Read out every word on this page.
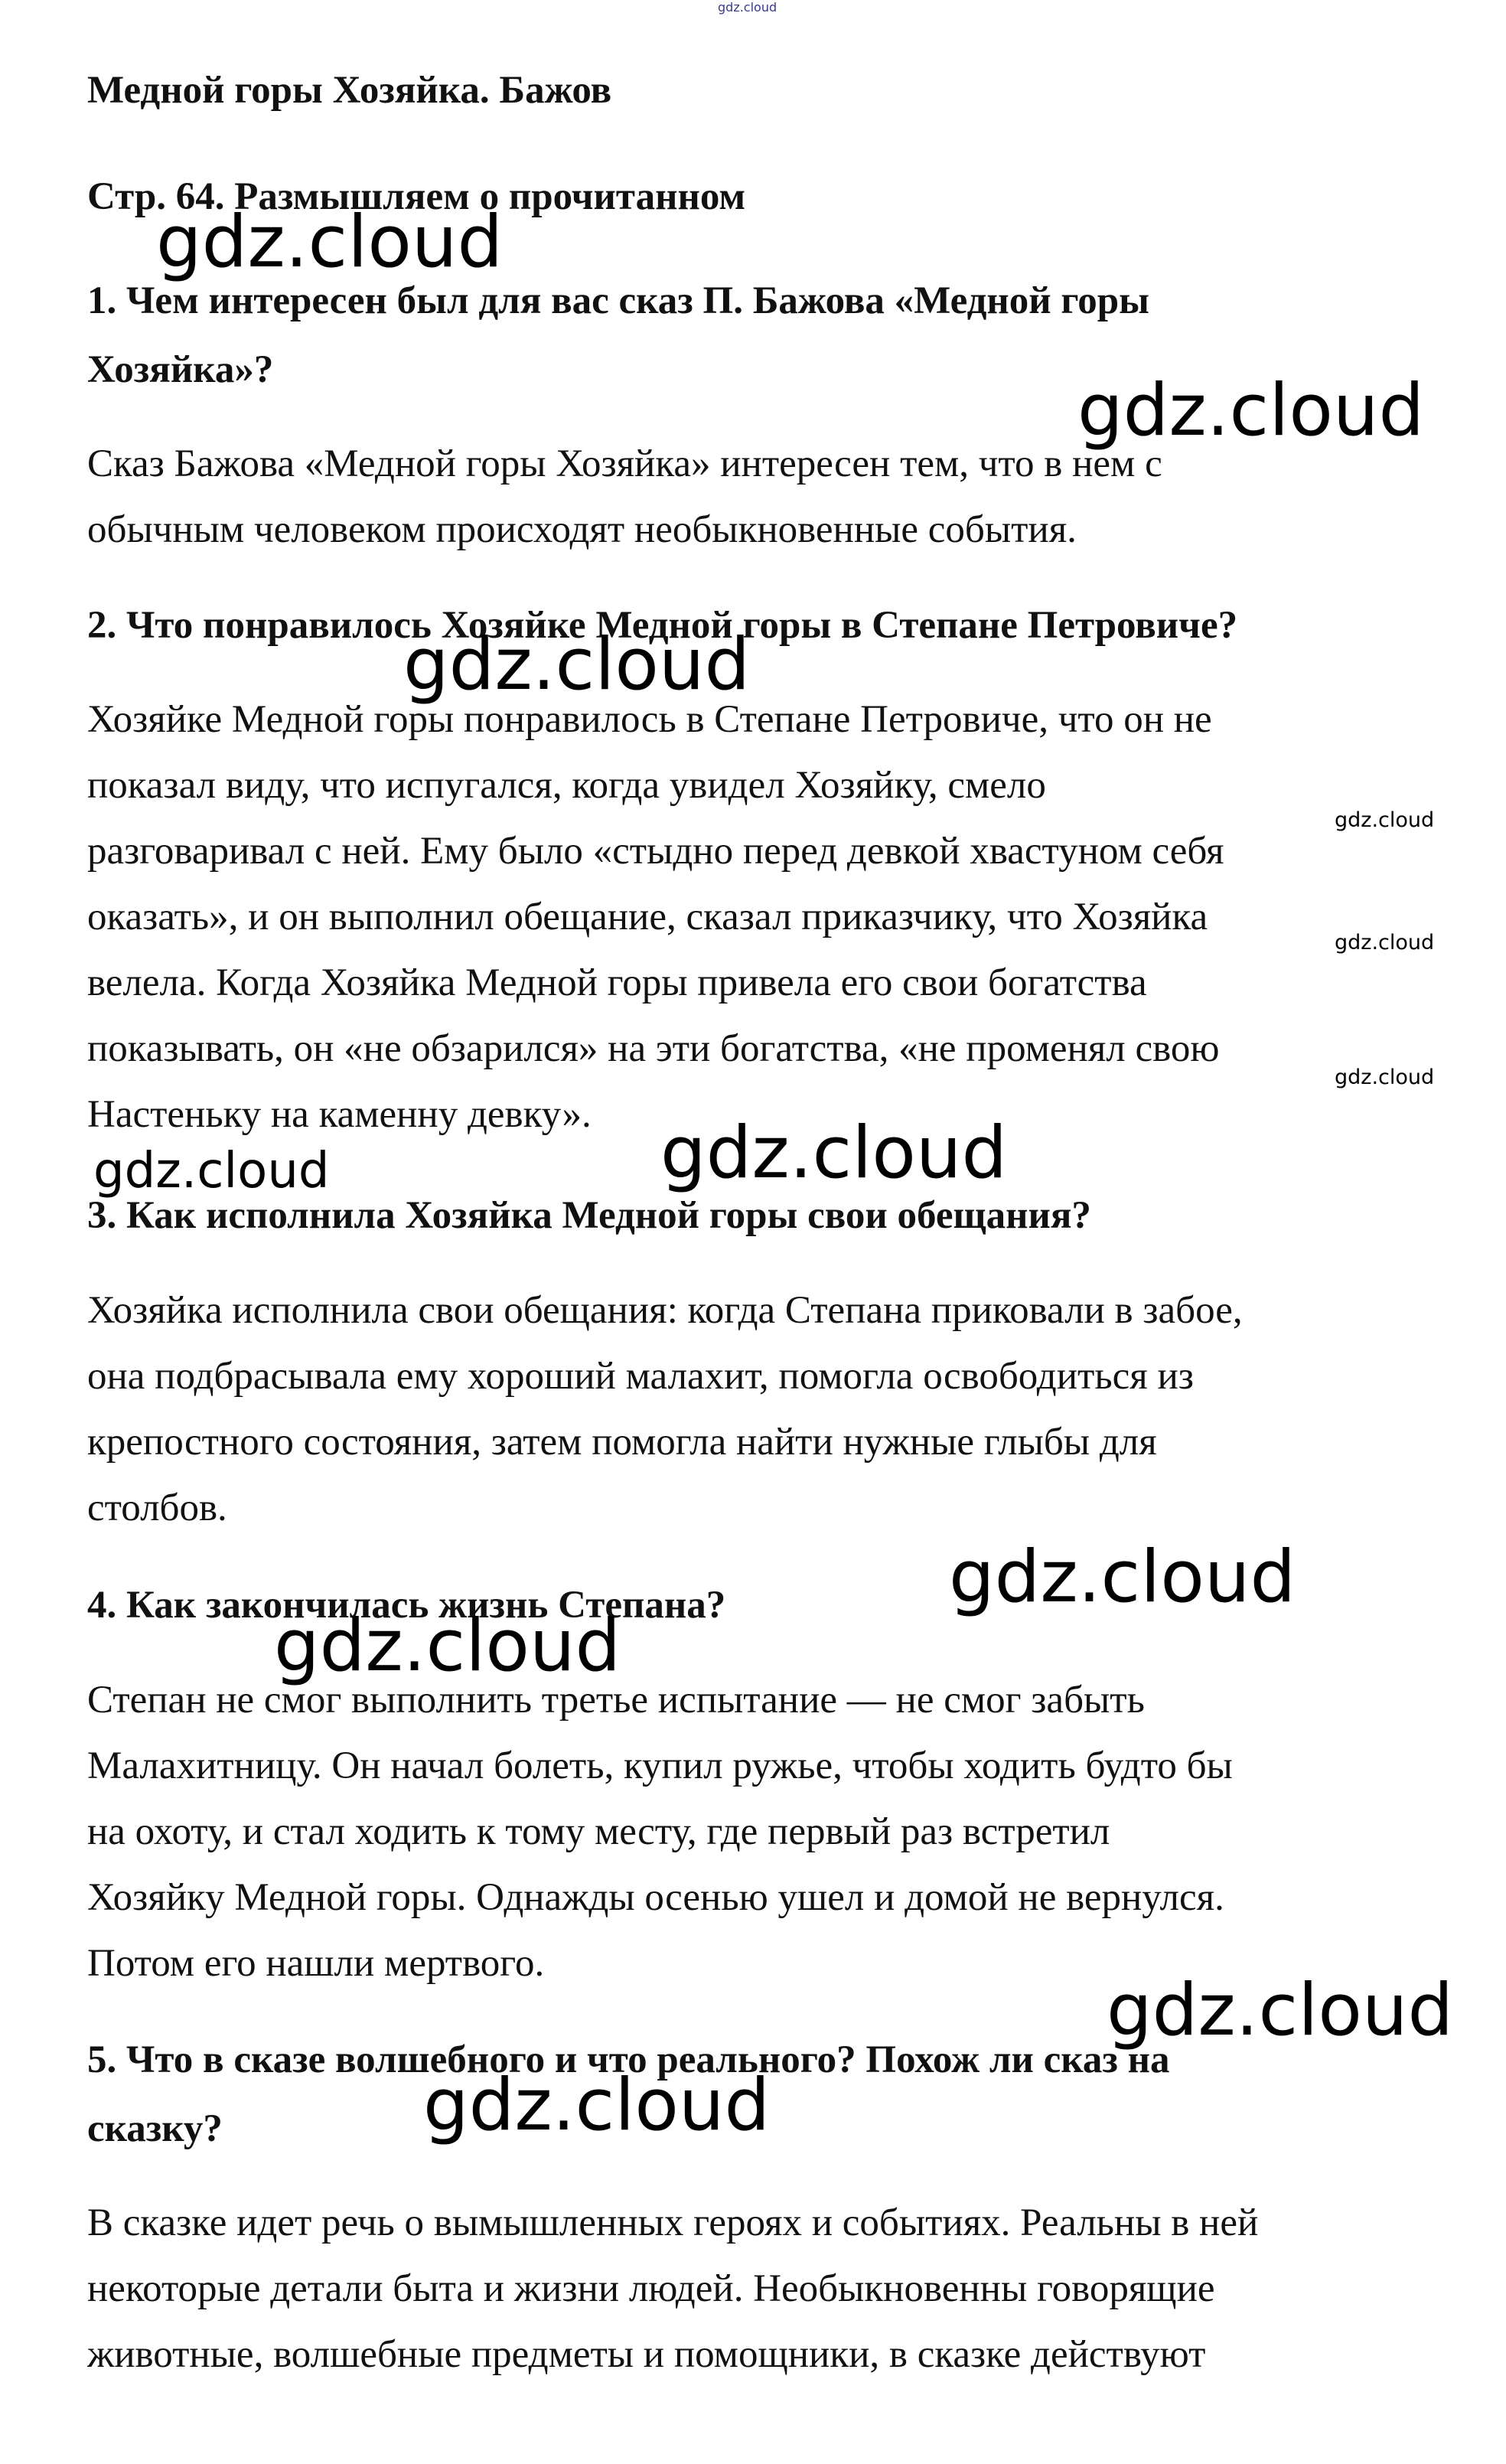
gdz.cloud
Медной горы Хозяйка. Бажов
Стр. 64. Размышляем о прочитанном
1. Чем интересен был для вас сказ П. Бажова «Медной горы
Хозяйка»?
Сказ Бажова «Медной горы Хозяйка» интересен тем, что в нем с
обычным человеком происходят необыкновенные события.
2. Что понравилось Хозяйке Медной горы в Степане Петровиче?
Хозяйке Медной горы понравилось в Степане Петровиче, что он не
показал виду, что испугался, когда увидел Хозяйку, смело
разговаривал с ней. Ему было «стыдно перед девкой хвастуном себя
оказать», и он выполнил обещание, сказал приказчику, что Хозяйка
велела. Когда Хозяйка Медной горы привела его свои богатства
показывать, он «не обзарился» на эти богатства, «не променял свою
Настеньку на каменну девку».
3. Как исполнила Хозяйка Медной горы свои обещания?
Хозяйка исполнила свои обещания: когда Степана приковали в забое,
она подбрасывала ему хороший малахит, помогла освободиться из
крепостного состояния, затем помогла найти нужные глыбы для
столбов.
4. Как закончилась жизнь Степана?
Степан не смог выполнить третье испытание — не смог забыть
Малахитницу. Он начал болеть, купил ружье, чтобы ходить будто бы
на охоту, и стал ходить к тому месту, где первый раз встретил
Хозяйку Медной горы. Однажды осенью ушел и домой не вернулся.
Потом его нашли мертвого.
5. Что в сказе волшебного и что реального? Похож ли сказ на
сказку?
В сказке идет речь о вымышленных героях и событиях. Реальны в ней
некоторые детали быта и жизни людей. Необыкновенны говорящие
животные, волшебные предметы и помощники, в сказке действуют
gdz.cloud
gdz.cloud
gdz.cloud
gdz.cloud
gdz.cloud
gdz.cloud
gdz.cloud	gdz.cloud
gdz.cloud
gdz.cloud
gdz.cloud
gdz.cloud
